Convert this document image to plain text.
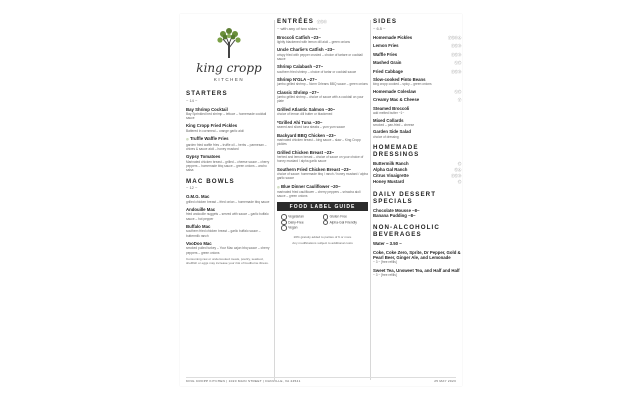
king cropp
KITCHEN
STARTERS
~ 14 ~
Bay Shrimp Cocktail
Bay Sprinkled bed shrimp – lettuce – homemade cocktail sauce
King Cropp Fried Pickles
Battered in cornmeal – orange garlic aioli
◎ Truffle Waffle Fries
garden fried waffle fries – truffle oil – herbs – parmesan – chives & sauce aioli – honey mustard
Gypsy Tomatoes
Marinated chicken breast – grilled – cheese sauce – cherry peppers – homemade bbq sauce – green onions – ancho salsa
MAC BOWLS
~ 12 ~
O.M.G. Mac
grilled chicken breast – fried onion – homemade bbq sauce
Andouille Mac
fried andouille nuggets – served with sauce – garlic buffalo sauce – hot pepper
Buffalo Mac
southern fried chicken breast – garlic buffalo sauce – buttermilk ranch
VooDoo Mac
smoked pulled turkey – Your Mac cajun bbq sauce – cherry peppers – green onions
Consuming raw or undercooked meats, poultry, seafood, shellfish or eggs may increase your risk of foodborne illness.
ENTRÉES ⓋⒼⒹ
~ with any of two sides ~
Broccoli Catfish ~23~
lightly blackened with lemon dill aioli – green onions
Uncle Charlie's Catfish ~23~
crispy fried with pepper crusted – choice of tartare or cocktail sauce
Shrimp Calabash ~27~
southern fried shrimp – choice of tartar or cocktail sauce
Shrimp N'GLA ~27~
jumbo grilled shrimp – Norm Orleans BBQ sauce – green onions
Classic Shrimp ~27~
jumbo grilled shrimp – choice of sauce with a cocktail on your plate
Grilled Atlantic Salmon ~30~
choice of lemon dill butter or blackened
*Grilled Ahi Tuna ~30~
seared and sliced tuna steaks – yum yum sauce
Backyard BBQ Chicken ~23~
marinated chicken breast – king sauce – slaw – King Cropp pickles
Grilled Chicken Breast ~23~
herbed and lemon breast – choice of sauce on your choice of honey mustard / alpha garlic sauce
Southern Fried Chicken Breast ~23~
choice of sauce: homemade bbq / ranch / honey mustard / alpha garlic sauce
◎ Blue Dinner Cauliflower ~20~
marinated fried cauliflower – cherry peppers – sriracha aioli sauce – green onions
FOOD LABEL GUIDE
Vegetarian	Gluten Free
Dairy-Free	Alpha-Gal Friendly
Vegan
20% gratuity added to parties of 6 or more
Any modifications subject to additional costs
SIDES
~ 6.5 ~
Homemade Pickles	ⓋⒼⒹⒶ
Lemon Fries	ⓋⒼⒹ
Waffle Fries	ⓋⒼⒹ
Mashed Grain	ⓋⒼ
Fried Cabbage	ⓋⒼⒹ
Slow-cooked Pinto Beans
king cropp cooked – spicy – green onions
Homemade Coleslaw	ⓋⒼ
Creamy Mac & Cheese	Ⓥ
Steamed Broccoli
add melted butter ~1~
Mixed Collards
smoked – pan-fried – cheese
Garden Side Salad
choice of dressing
HOMEMADE DRESSINGS
Buttermilk Ranch	Ⓖ
Alpha Gal Ranch	ⒼⒶ
Citrus Vinaigrette	ⓋⒼⒹ
Honey Mustard	Ⓖ
DAILY DESSERT SPECIALS
Chocolate Mousse ~8~
Banana Pudding ~8~
NON-ALCOHOLIC BEVERAGES
Water ~ 3.50 ~
Coke, Coke Zero, Sprite, Dr Pepper, Gold & Pearl Beer, Ginger Ale, and Lemonade
~ 3 ~ [free refills]
Sweet Tea, Unsweet Tea, and Half and Half
~ 3 ~ [free refills]
KING CROPP KITCHEN | 1020 MAIN STREET | DANVILLE, VA 24541	25 MAY 2023
